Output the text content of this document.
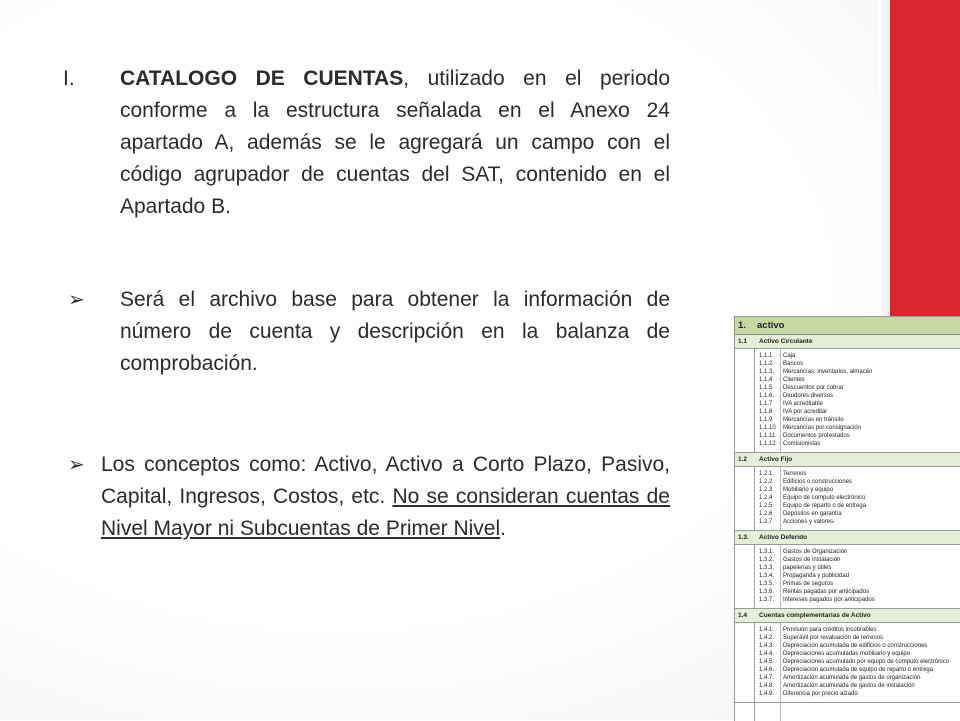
I. CATALOGO DE CUENTAS, utilizado en el periodo conforme a la estructura señalada en el Anexo 24 apartado A, además se le agregará un campo con el código agrupador de cuentas del SAT, contenido en el Apartado B.
➢ Será el archivo base para obtener la información de número de cuenta y descripción en la balanza de comprobación.
➢ Los conceptos como: Activo, Activo a Corto Plazo, Pasivo, Capital, Ingresos, Costos, etc. No se consideran cuentas de Nivel Mayor ni Subcuentas de Primer Nivel.
1. activo
1.1 Activo Circulante
1.1.1 Caja
1.1.2 Bancos
1.1.3. Mercancías, inventarios, almacén
1.1.4 Clientes
1.1.5 Descuentos por cobrar
1.1.6. Deudores diversos
1.1.7 IVA acreditable
1.1.8 IVA por acreditar
1.1.9 Mercancías en tránsito
1.1.10 Mercancías por consignación
1.1.11 Documentos protestados
1.1.12 Comisionistas
1.2 Activo Fijo
1.2.1 Terrenos
1.2.2 Edificios o construcciones
1.2.3 Mobiliario y equipo
1.2.4 Equipo de computo electrónico
1.2.5 Equipo de reparto o de entrega
1.2.6 Depósitos en garantía
1.2.7 Acciones y valores-
1.3. Activo Deferido
1.3.1. Gastos de Organización
1.3.2. Gastos de instalación
1.3.3. papelerías y útiles
1.3.4. Propaganda y publicidad
1.3.5. Primas de seguros
1.3.6. Rentas pagadas por anticipados
1.3.7. Intereses pagados por anticipados
1.4 Cuentas complementarias de Activo
1.4.1. Provisión para créditos incobrables
1.4.2. Superávit por revaluación de terrenos
1.4.3. Depreciación acumulada de edificios o construcciones
1.4.4. Depreciaciones acumuladas mobiliario y equipo
1.4.5. Depreciaciones acumulado por equipo de computo electrónico
1.4.6. Depreciación acumulada de equipo de reparto o entrega
1.4.7. Amortización acumulada de gastos de organización
1.4.8. Amortización acumulada de gastos de instalación
1.4.9. Diferencia por precio alzado
